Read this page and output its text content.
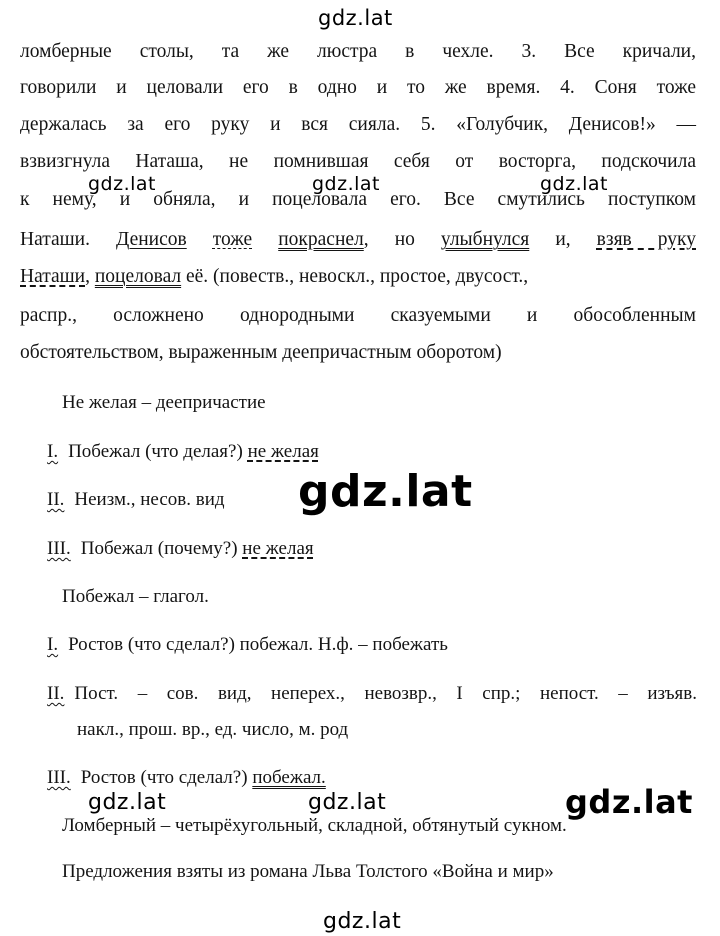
gdz.lat
ломберные столы, та же люстра в чехле. 3. Все кричали,
говорили и целовали его в одно и то же время. 4. Соня тоже
держалась за его руку и вся сияла. 5. «Голубчик, Денисов!» —
взвизгнула Наташа, не помнившая себя от восторга, подскочила
к нему, и обняла, и поцеловала его. Все смутились поступком
gdz.lat	gdz.lat	gdz.lat
Наташи. Денисов тоже покраснел, но улыбнулся и, взяв руку
Наташи, поцеловал её. (повеств., невоскл., простое, двусост.,
распр., осложнено однородными сказуемыми и обособленным
обстоятельством, выраженным деепричастным оборотом)
Не желая – деепричастие
I. Побежал (что делая?) не желая
gdz.lat
II. Неизм., несов. вид
III. Побежал (почему?) не желая
Побежал – глагол.
I. Ростов (что сделал?) побежал. Н.ф. – побежать
II. Пост. – сов. вид, неперех., невозвр., I спр.; непост. – изъяв.
накл., прош. вр., ед. число, м. род
III. Ростов (что сделал?) побежал.
gdz.lat	gdz.lat	gdz.lat
Ломберный – четырёхугольный, складной, обтянутый сукном.
Предложения взяты из романа Льва Толстого «Война и мир»
gdz.lat
